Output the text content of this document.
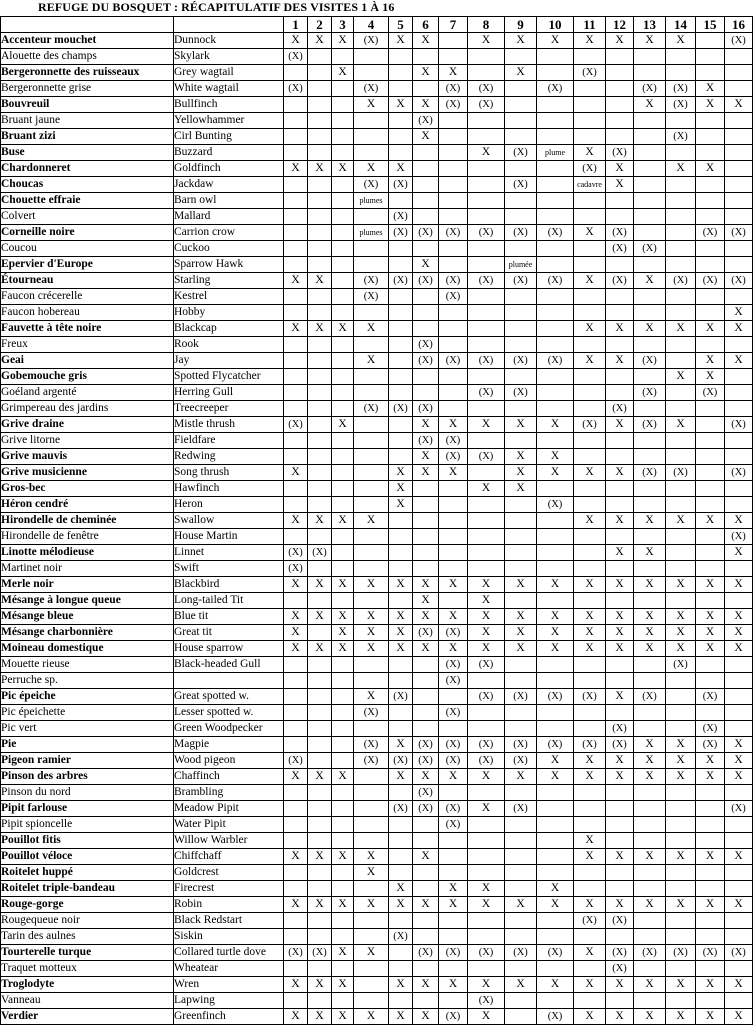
REFUGE DU BOSQUET : RÉCAPITULATIF DES VISITES 1 À 16
		1	2	3	4	5	6	7	8	9	10	11	12	13	14	15	16
Accenteur mouchet	Dunnock	X	X	X	(X)	X	X		X	X	X	X	X	X	X		(X)
Alouette des champs	Skylark	(X)															
Bergeronnette des ruisseaux	Grey wagtail			X			X	X		X		(X)					
Bergeronnette grise	White wagtail	(X)			(X)			(X)	(X)		(X)			(X)	(X)	X	
Bouvreuil	Bullfinch				X	X	X	(X)	(X)					X	(X)	X	X
Bruant jaune	Yellowhammer						(X)										
Bruant zizi	Cirl Bunting						X								(X)		
Buse	Buzzard								X	(X)	plume	X	(X)				
Chardonneret	Goldfinch	X	X	X	X	X						(X)	X		X	X	
Choucas	Jackdaw				(X)	(X)				(X)		cadavre	X				
Chouette effraie	Barn owl				plumes												
Colvert	Mallard					(X)											
Corneille noire	Carrion crow				plumes	(X)	(X)	(X)	(X)	(X)	(X)	X	(X)			(X)	(X)
Coucou	Cuckoo												(X)	(X)			
Epervier d'Europe	Sparrow Hawk						X			plumée							
Étourneau	Starling	X	X		(X)	(X)	(X)	(X)	(X)	(X)	(X)	X	(X)	X	(X)	(X)	(X)
Faucon crécerelle	Kestrel				(X)			(X)									
Faucon hobereau	Hobby																X
Fauvette à tête noire	Blackcap	X	X	X	X							X	X	X	X	X	X
Freux	Rook						(X)										
Geai	Jay				X		(X)	(X)	(X)	(X)	(X)	X	X	(X)		X	X
Gobemouche gris	Spotted Flycatcher														X	X	
Goéland argenté	Herring Gull								(X)	(X)				(X)		(X)	
Grimpereau des jardins	Treecreeper				(X)	(X)	(X)						(X)				
Grive draine	Mistle thrush	(X)		X			X	X	X	X	X	(X)	X	(X)	X		(X)
Grive litorne	Fieldfare						(X)	(X)									
Grive mauvis	Redwing						X	(X)	(X)	X	X						
Grive musicienne	Song thrush	X				X	X	X		X	X	X	X	(X)	(X)		(X)
Gros-bec	Hawfinch					X			X	X							
Héron cendré	Heron					X					(X)						
Hirondelle de cheminée	Swallow	X	X	X	X							X	X	X	X	X	X
Hirondelle de fenêtre	House Martin																(X)
Linotte mélodieuse	Linnet	(X)	(X)										X	X			X
Martinet noir	Swift	(X)															
Merle noir	Blackbird	X	X	X	X	X	X	X	X	X	X	X	X	X	X	X	X
Mésange à longue queue	Long-tailed Tit						X		X								
Mésange bleue	Blue tit	X	X	X	X	X	X	X	X	X	X	X	X	X	X	X	X
Mésange charbonnière	Great tit	X		X	X	X	(X)	(X)	X	X	X	X	X	X	X	X	X
Moineau domestique	House sparrow	X	X	X	X	X	X	X	X	X	X	X	X	X	X	X	X
Mouette rieuse	Black-headed Gull							(X)	(X)						(X)		
Perruche sp.								(X)									
Pic épeiche	Great spotted w.				X	(X)			(X)	(X)	(X)	(X)	X	(X)		(X)	
Pic épeichette	Lesser spotted w.				(X)			(X)									
Pic vert	Green Woodpecker												(X)			(X)	
Pie	Magpie				(X)	X	(X)	(X)	(X)	(X)	(X)	(X)	(X)	X	X	(X)	X
Pigeon ramier	Wood pigeon	(X)			(X)	(X)	(X)	(X)	(X)	(X)	X	X	X	X	X	X	X
Pinson des arbres	Chaffinch	X	X	X		X	X	X	X	X	X	X	X	X	X	X	X
Pinson du nord	Brambling						(X)										
Pipit farlouse	Meadow Pipit					(X)	(X)	(X)	X	(X)							(X)
Pipit spioncelle	Water Pipit							(X)									
Pouillot fitis	Willow Warbler											X					
Pouillot véloce	Chiffchaff	X	X	X	X		X					X	X	X	X	X	X
Roitelet huppé	Goldcrest				X												
Roitelet triple-bandeau	Firecrest					X		X	X		X						
Rouge-gorge	Robin	X	X	X	X	X	X	X	X	X	X	X	X	X	X	X	X
Rougequeue noir	Black Redstart											(X)	(X)				
Tarin des aulnes	Siskin					(X)											
Tourterelle turque	Collared turtle dove	(X)	(X)	X	X		(X)	(X)	(X)	(X)	(X)	X	(X)	(X)	(X)	(X)	(X)
Traquet motteux	Wheatear												(X)				
Troglodyte	Wren	X	X	X		X	X	X	X	X	X	X	X	X	X	X	X
Vanneau	Lapwing								(X)								
Verdier	Greenfinch	X	X	X	X	X	X	(X)	X		(X)	X	X	X	X	X	X
